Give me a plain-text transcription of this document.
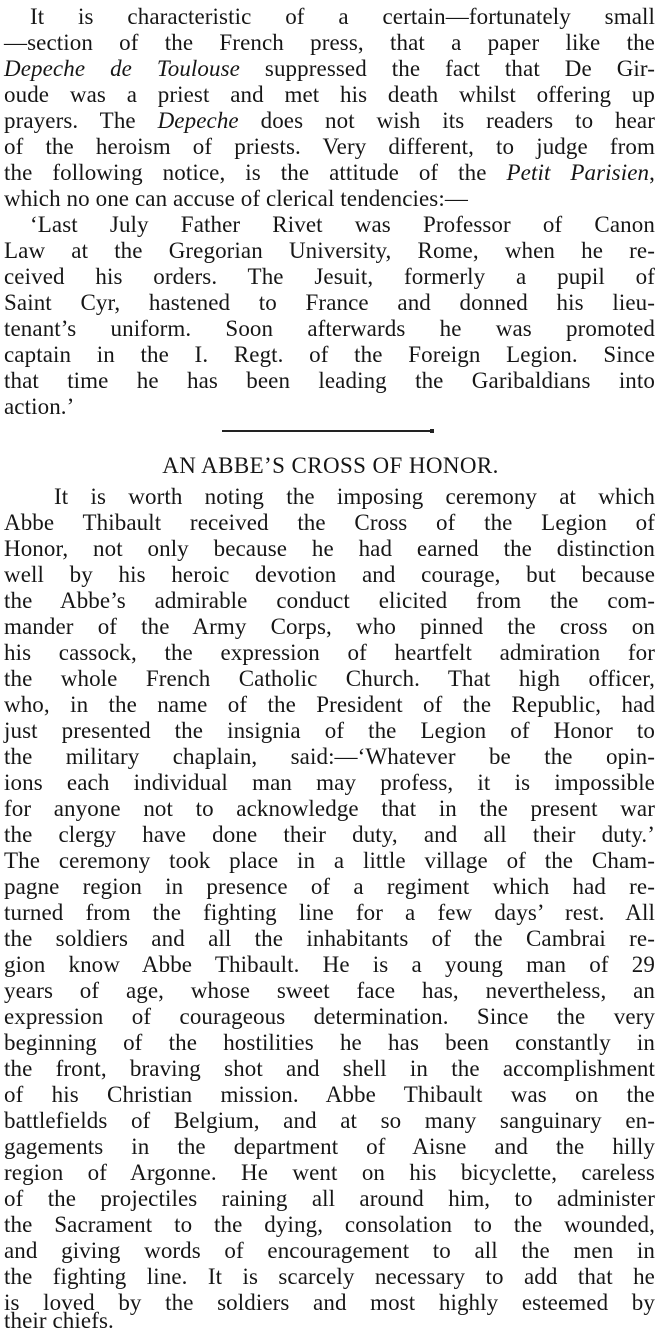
It is characteristic of a certain—fortunately small
—section of the French press, that a paper like the
Depeche de Toulouse suppressed the fact that De Gir-
oude was a priest and met his death whilst offering up
prayers. The Depeche does not wish its readers to hear
of the heroism of priests. Very different, to judge from
the following notice, is the attitude of the Petit Parisien,
which no one can accuse of clerical tendencies:—
‘Last July Father Rivet was Professor of Canon
Law at the Gregorian University, Rome, when he re-
ceived his orders. The Jesuit, formerly a pupil of
Saint Cyr, hastened to France and donned his lieu-
tenant’s uniform. Soon afterwards he was promoted
captain in the I. Regt. of the Foreign Legion. Since
that time he has been leading the Garibaldians into
action.’
AN ABBE’S CROSS OF HONOR.
It is worth noting the imposing ceremony at which
Abbe Thibault received the Cross of the Legion of
Honor, not only because he had earned the distinction
well by his heroic devotion and courage, but because
the Abbe’s admirable conduct elicited from the com-
mander of the Army Corps, who pinned the cross on
his cassock, the expression of heartfelt admiration for
the whole French Catholic Church. That high officer,
who, in the name of the President of the Republic, had
just presented the insignia of the Legion of Honor to
the military chaplain, said:—‘Whatever be the opin-
ions each individual man may profess, it is impossible
for anyone not to acknowledge that in the present war
the clergy have done their duty, and all their duty.’
The ceremony took place in a little village of the Cham-
pagne region in presence of a regiment which had re-
turned from the fighting line for a few days’ rest. All
the soldiers and all the inhabitants of the Cambrai re-
gion know Abbe Thibault. He is a young man of 29
years of age, whose sweet face has, nevertheless, an
expression of courageous determination. Since the very
beginning of the hostilities he has been constantly in
the front, braving shot and shell in the accomplishment
of his Christian mission. Abbe Thibault was on the
battlefields of Belgium, and at so many sanguinary en-
gagements in the department of Aisne and the hilly
region of Argonne. He went on his bicyclette, careless
of the projectiles raining all around him, to administer
the Sacrament to the dying, consolation to the wounded,
and giving words of encouragement to all the men in
the fighting line. It is scarcely necessary to add that he
is loved by the soldiers and most highly esteemed by
their chiefs.
